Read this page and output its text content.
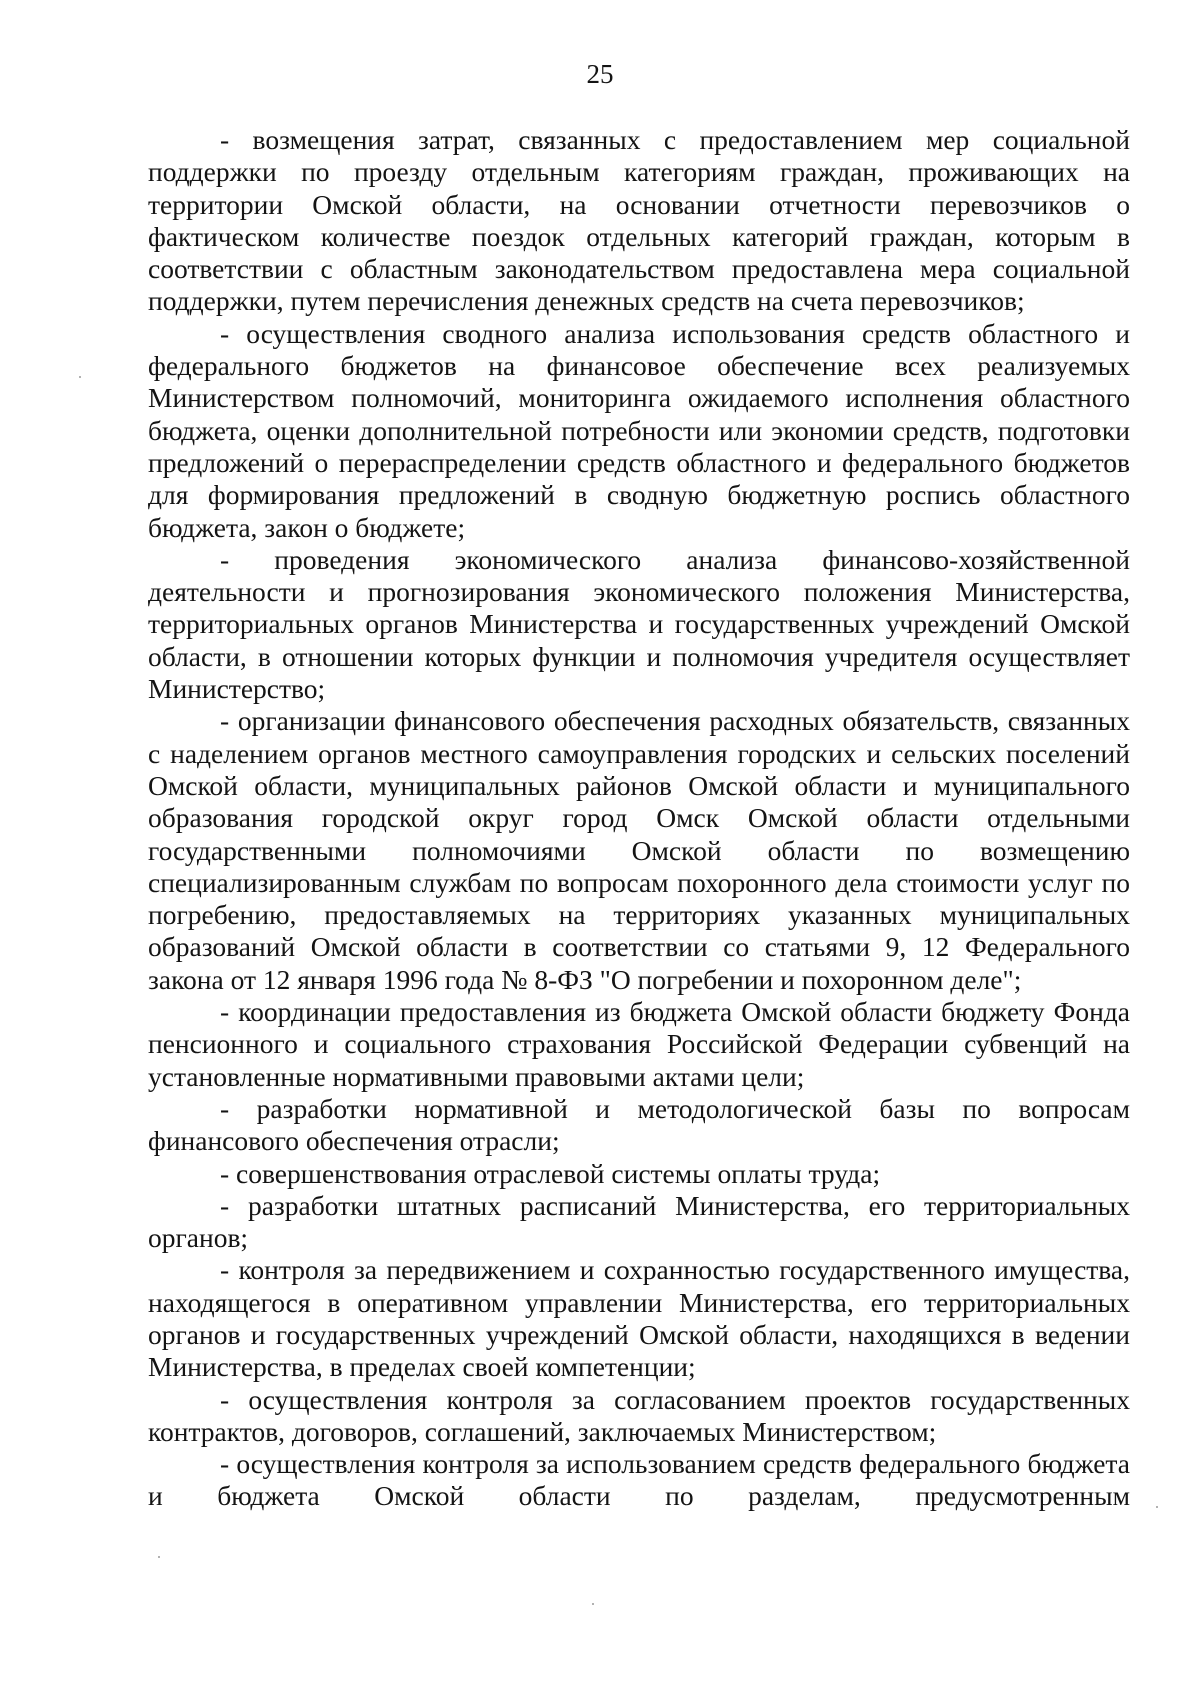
25

- возмещения затрат, связанных с предоставлением мер социальной поддержки по проезду отдельным категориям граждан, проживающих на территории Омской области, на основании отчетности перевозчиков о фактическом количестве поездок отдельных категорий граждан, которым в соответствии с областным законодательством предоставлена мера социальной поддержки, путем перечисления денежных средств на счета перевозчиков;

- осуществления сводного анализа использования средств областного и федерального бюджетов на финансовое обеспечение всех реализуемых Министерством полномочий, мониторинга ожидаемого исполнения областного бюджета, оценки дополнительной потребности или экономии средств, подготовки предложений о перераспределении средств областного и федерального бюджетов для формирования предложений в сводную бюджетную роспись областного бюджета, закон о бюджете;

- проведения экономического анализа финансово-хозяйственной деятельности и прогнозирования экономического положения Министерства, территориальных органов Министерства и государственных учреждений Омской области, в отношении которых функции и полномочия учредителя осуществляет Министерство;

- организации финансового обеспечения расходных обязательств, связанных с наделением органов местного самоуправления городских и сельских поселений Омской области, муниципальных районов Омской области и муниципального образования городской округ город Омск Омской области отдельными государственными полномочиями Омской области по возмещению специализированным службам по вопросам похоронного дела стоимости услуг по погребению, предоставляемых на территориях указанных муниципальных образований Омской области в соответствии со статьями 9, 12 Федерального закона от 12 января 1996 года № 8-ФЗ "О погребении и похоронном деле";

- координации предоставления из бюджета Омской области бюджету Фонда пенсионного и социального страхования Российской Федерации субвенций на установленные нормативными правовыми актами цели;

- разработки нормативной и методологической базы по вопросам финансового обеспечения отрасли;

- совершенствования отраслевой системы оплаты труда;

- разработки штатных расписаний Министерства, его территориальных органов;

- контроля за передвижением и сохранностью государственного имущества, находящегося в оперативном управлении Министерства, его территориальных органов и государственных учреждений Омской области, находящихся в ведении Министерства, в пределах своей компетенции;

- осуществления контроля за согласованием проектов государственных контрактов, договоров, соглашений, заключаемых Министерством;

- осуществления контроля за использованием средств федерального бюджета и бюджета Омской области по разделам, предусмотренным
